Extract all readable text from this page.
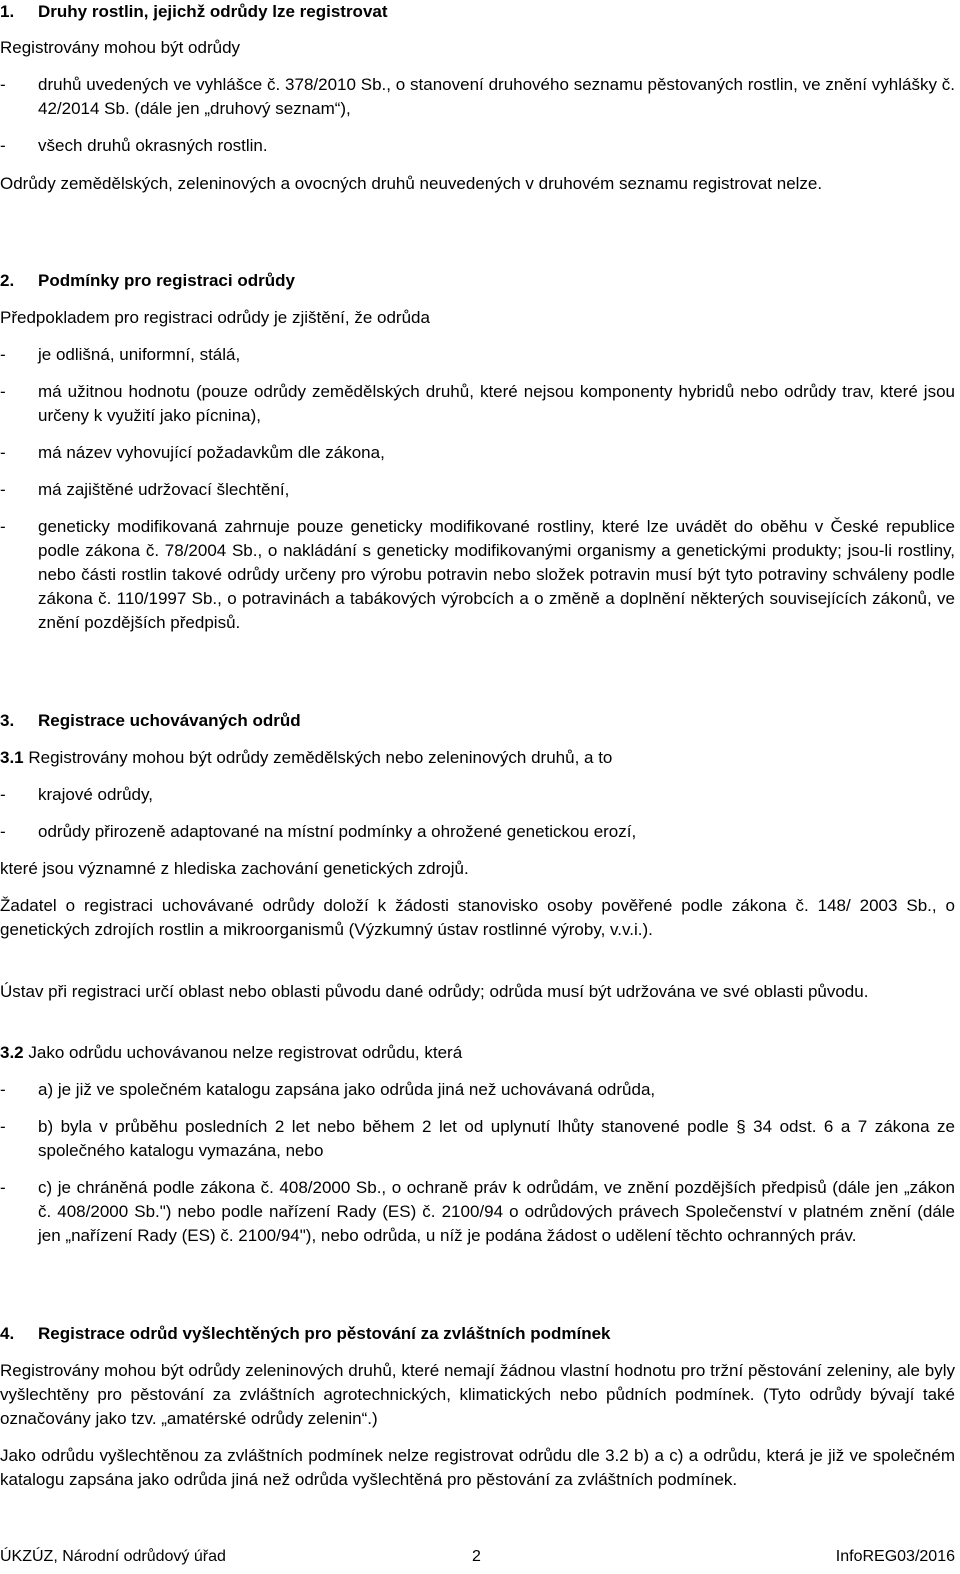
1. Druhy rostlin, jejichž odrůdy lze registrovat
Registrovány mohou být odrůdy
-	druhů uvedených ve vyhlášce č. 378/2010 Sb., o stanovení druhového seznamu pěstovaných rostlin, ve znění vyhlášky č. 42/2014 Sb. (dále jen „druhový seznam“),
-	všech druhů okrasných rostlin.
Odrůdy zemědělských, zeleninových a ovocných druhů neuvedených v druhovém seznamu registrovat nelze.
2. Podmínky pro registraci odrůdy
Předpokladem pro registraci odrůdy je zjištění, že odrůda
-	je odlišná, uniformní, stálá,
-	má užitnou hodnotu (pouze odrůdy zemědělských druhů, které nejsou komponenty hybridů nebo odrůdy trav, které jsou určeny k využití jako pícnina),
-	má název vyhovující požadavkům dle zákona,
-	má zajištěné udržovací šlechtění,
-	geneticky modifikovaná zahrnuje pouze geneticky modifikované rostliny, které lze uvádět do oběhu v České republice podle zákona č. 78/2004 Sb., o nakládání s geneticky modifikovanými organismy a genetickými produkty; jsou-li rostliny, nebo části rostlin takové odrůdy určeny pro výrobu potravin nebo složek potravin musí být tyto potraviny schváleny podle zákona č. 110/1997 Sb., o potravinách a tabákových výrobcích a o změně a doplnění některých souvisejících zákonů, ve znění pozdějších předpisů.
3. Registrace uchovávaných odrůd
3.1 Registrovány mohou být odrůdy zemědělských nebo zeleninových druhů, a to
-	krajové odrůdy,
-	odrůdy přirozeně adaptované na místní podmínky a ohrožené genetickou erozí,
které jsou významné z hlediska zachování genetických zdrojů.
Žadatel o registraci uchovávané odrůdy doloží k žádosti stanovisko osoby pověřené podle zákona č. 148/ 2003 Sb., o genetických zdrojích rostlin a mikroorganismů (Výzkumný ústav rostlinné výroby, v.v.i.).
Ústav při registraci určí oblast nebo oblasti původu dané odrůdy; odrůda musí být udržována ve své oblasti původu.
3.2 Jako odrůdu uchovávanou nelze registrovat odrůdu, která
-	a) je již ve společném katalogu zapsána jako odrůda jiná než uchovávaná odrůda,
-	b) byla v průběhu posledních 2 let nebo během 2 let od uplynutí lhůty stanovené podle § 34 odst. 6 a 7 zákona ze společného katalogu vymazána, nebo
-	c) je chráněná podle zákona č. 408/2000 Sb., o ochraně práv k odrůdám, ve znění pozdějších předpisů (dále jen „zákon č. 408/2000 Sb.") nebo podle nařízení Rady (ES) č. 2100/94 o odrůdových právech Společenství v platném znění (dále jen „nařízení Rady (ES) č. 2100/94"), nebo odrůda, u níž je podána žádost o udělení těchto ochranných práv.
4. Registrace odrůd vyšlechtěných pro pěstování za zvláštních podmínek
Registrovány mohou být odrůdy zeleninových druhů, které nemají žádnou vlastní hodnotu pro tržní pěstování zeleniny, ale byly vyšlechtěny pro pěstování za zvláštních agrotechnických, klimatických nebo půdních podmínek. (Tyto odrůdy bývají také označovány jako tzv. „amatérské odrůdy zelenin“.)
Jako odrůdu vyšlechtěnou za zvláštních podmínek nelze registrovat odrůdu dle 3.2 b) a c) a odrůdu, která je již ve společném katalogu zapsána jako odrůda jiná než odrůda vyšlechtěná pro pěstování za zvláštních podmínek.
ÚKZÚZ, Národní odrůdový úřad	2	InfoREG03/2016
